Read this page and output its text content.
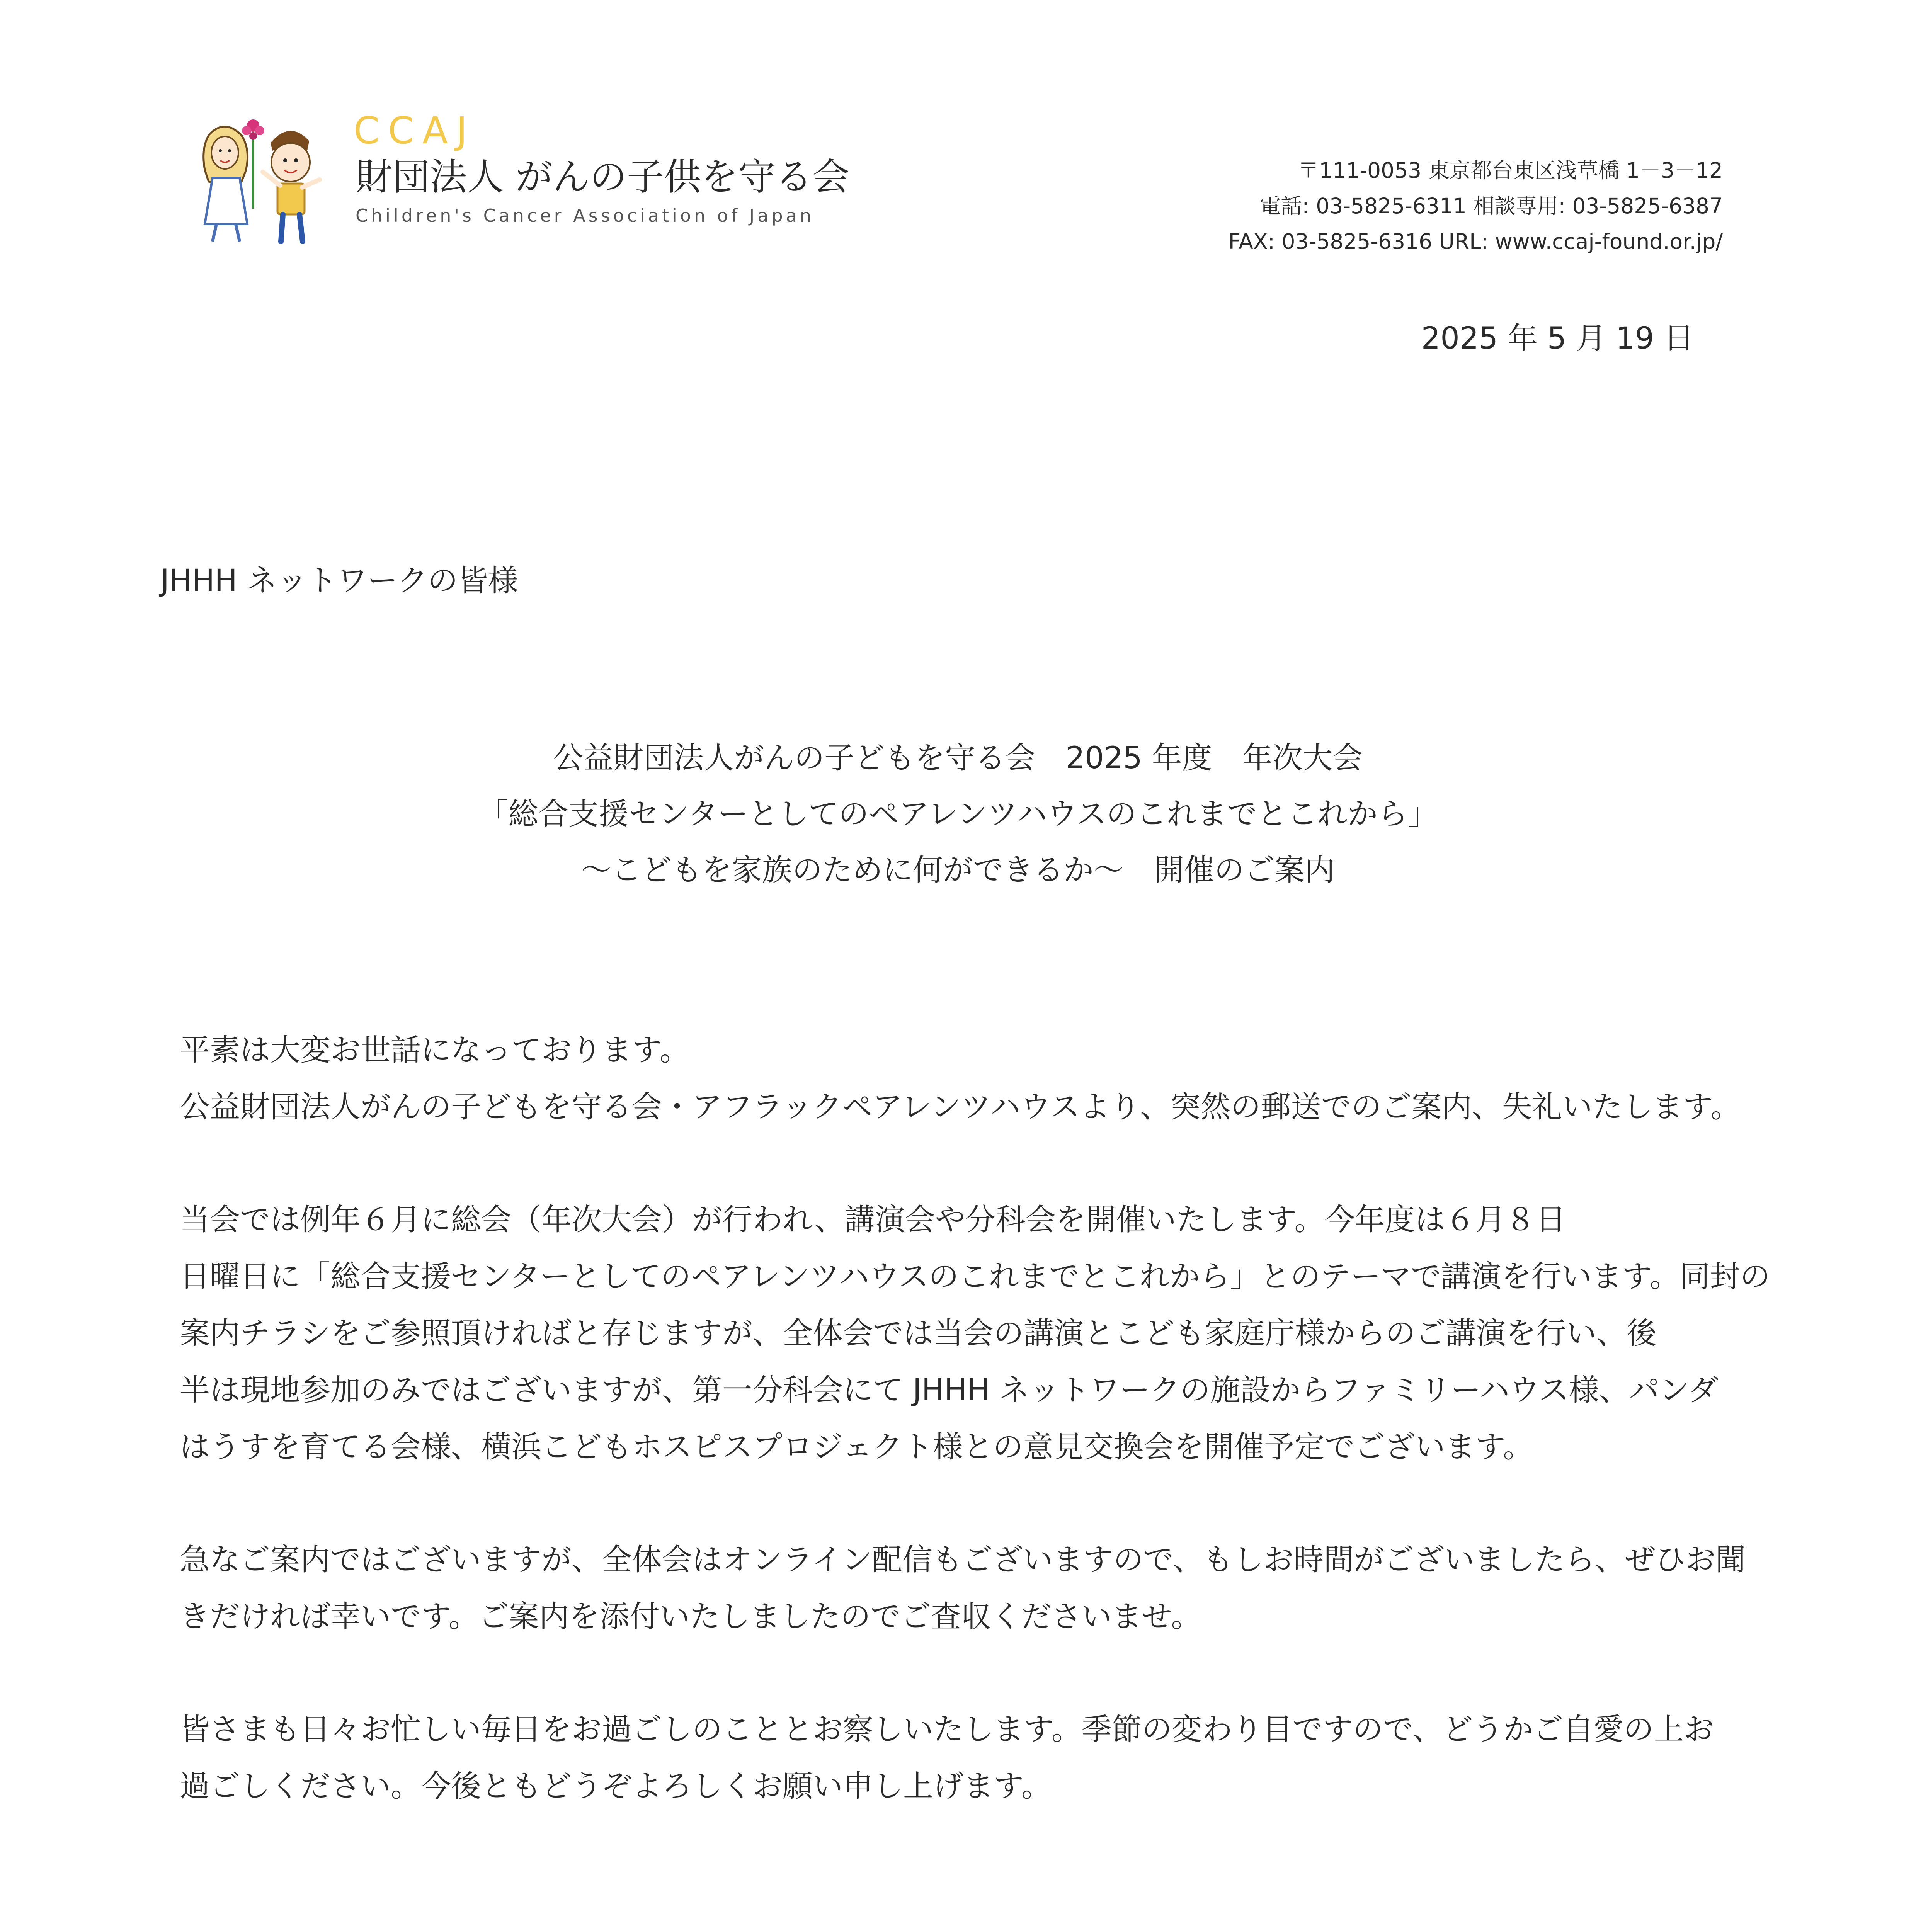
CCAJ
財団法人 がんの子供を守る会
Children's Cancer Association of Japan
〒111-0053 東京都台東区浅草橋 1－3－12
電話: 03-5825-6311 相談専用: 03-5825-6387
FAX: 03-5825-6316 URL: www.ccaj-found.or.jp/
2025 年 5 月 19 日
JHHH ネットワークの皆様
公益財団法人がんの子どもを守る会　2025 年度　年次大会
「総合支援センターとしてのペアレンツハウスのこれまでとこれから」
～こどもを家族のために何ができるか～　開催のご案内

平素は大変お世話になっております。
公益財団法人がんの子どもを守る会・アフラックペアレンツハウスより、突然の郵送でのご案内、失礼いたします。

当会では例年６月に総会（年次大会）が行われ、講演会や分科会を開催いたします。今年度は６月８日
日曜日に「総合支援センターとしてのペアレンツハウスのこれまでとこれから」とのテーマで講演を行います。同封の
案内チラシをご参照頂ければと存じますが、全体会では当会の講演とこども家庭庁様からのご講演を行い、後
半は現地参加のみではございますが、第一分科会にて JHHH ネットワークの施設からファミリーハウス様、パンダ
はうすを育てる会様、横浜こどもホスピスプロジェクト様との意見交換会を開催予定でございます。

急なご案内ではございますが、全体会はオンライン配信もございますので、もしお時間がございましたら、ぜひお聞
きだければ幸いです。ご案内を添付いたしましたのでご査収くださいませ。

皆さまも日々お忙しい毎日をお過ごしのこととお察しいたします。季節の変わり目ですので、どうかご自愛の上お
過ごしください。今後ともどうぞよろしくお願い申し上げます。
